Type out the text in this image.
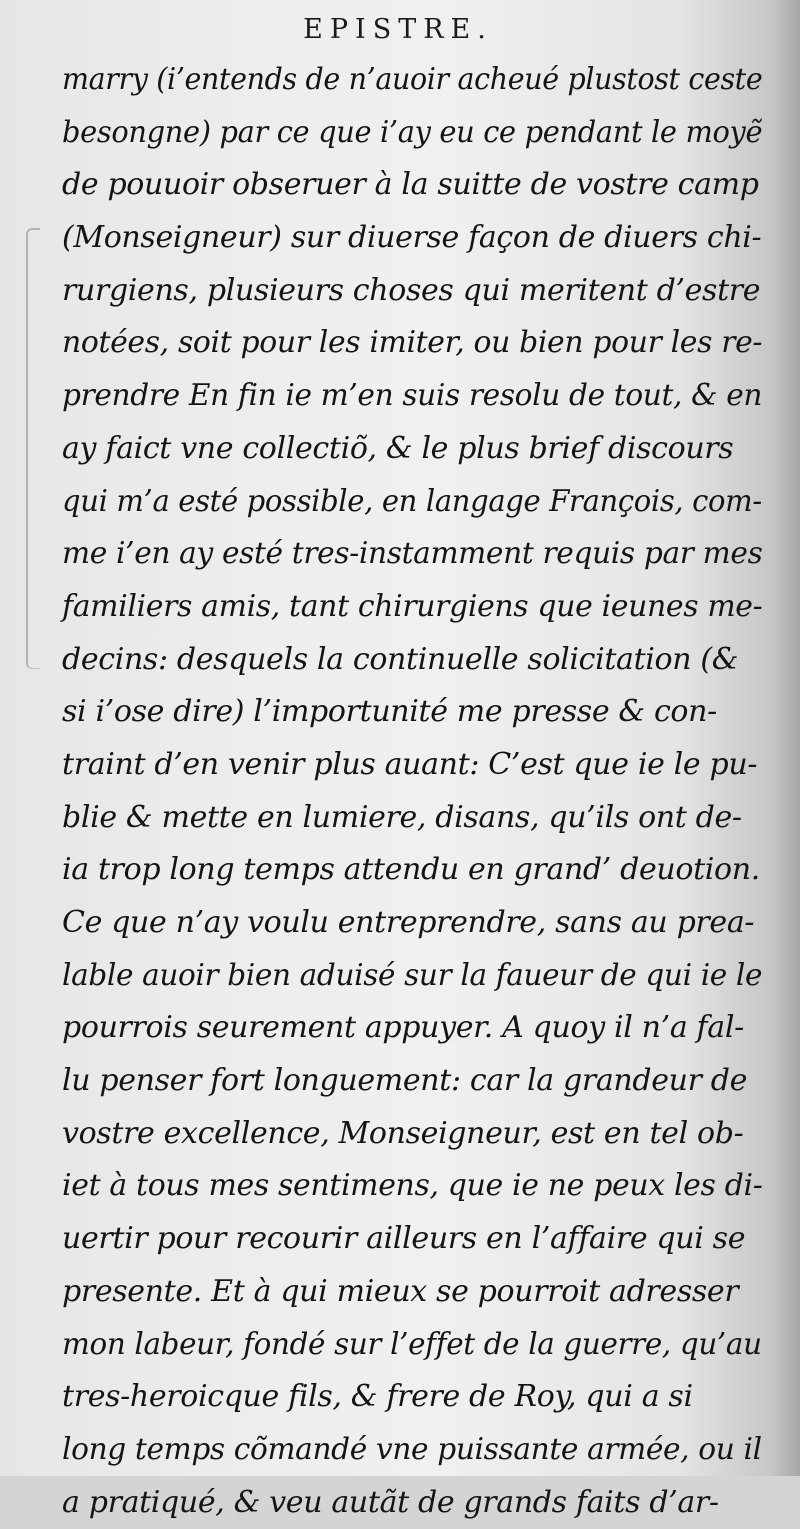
EPISTRE.
marry (i’entends de n’auoir acheué plustost ceste
besongne) par ce que i’ay eu ce pendant le moyẽ
de pouuoir obseruer à la suitte de vostre camp
(Monseigneur) sur diuerse façon de diuers chi-
rurgiens, plusieurs choses qui meritent d’estre
notées, soit pour les imiter, ou bien pour les re-
prendre En fin ie m’en suis resolu de tout, & en
ay faict vne collectiõ, & le plus brief discours
qui m’a esté possible, en langage François, com-
me i’en ay esté tres-instamment requis par mes
familiers amis, tant chirurgiens que ieunes me-
decins: desquels la continuelle solicitation (&
si i’ose dire) l’importunité me presse & con-
traint d’en venir plus auant: C’est que ie le pu-
blie & mette en lumiere, disans, qu’ils ont de-
ia trop long temps attendu en grand’ deuotion.
Ce que n’ay voulu entreprendre, sans au prea-
lable auoir bien aduisé sur la faueur de qui ie le
pourrois seurement appuyer. A quoy il n’a fal-
lu penser fort longuement: car la grandeur de
vostre excellence, Monseigneur, est en tel ob-
iet à tous mes sentimens, que ie ne peux les di-
uertir pour recourir ailleurs en l’affaire qui se
presente. Et à qui mieux se pourroit adresser
mon labeur, fondé sur l’effet de la guerre, qu’au
tres-heroicque fils, & frere de Roy, qui a si
long temps cõmandé vne puissante armée, ou il
a pratiqué, & veu autãt de grands faits d’ar-
